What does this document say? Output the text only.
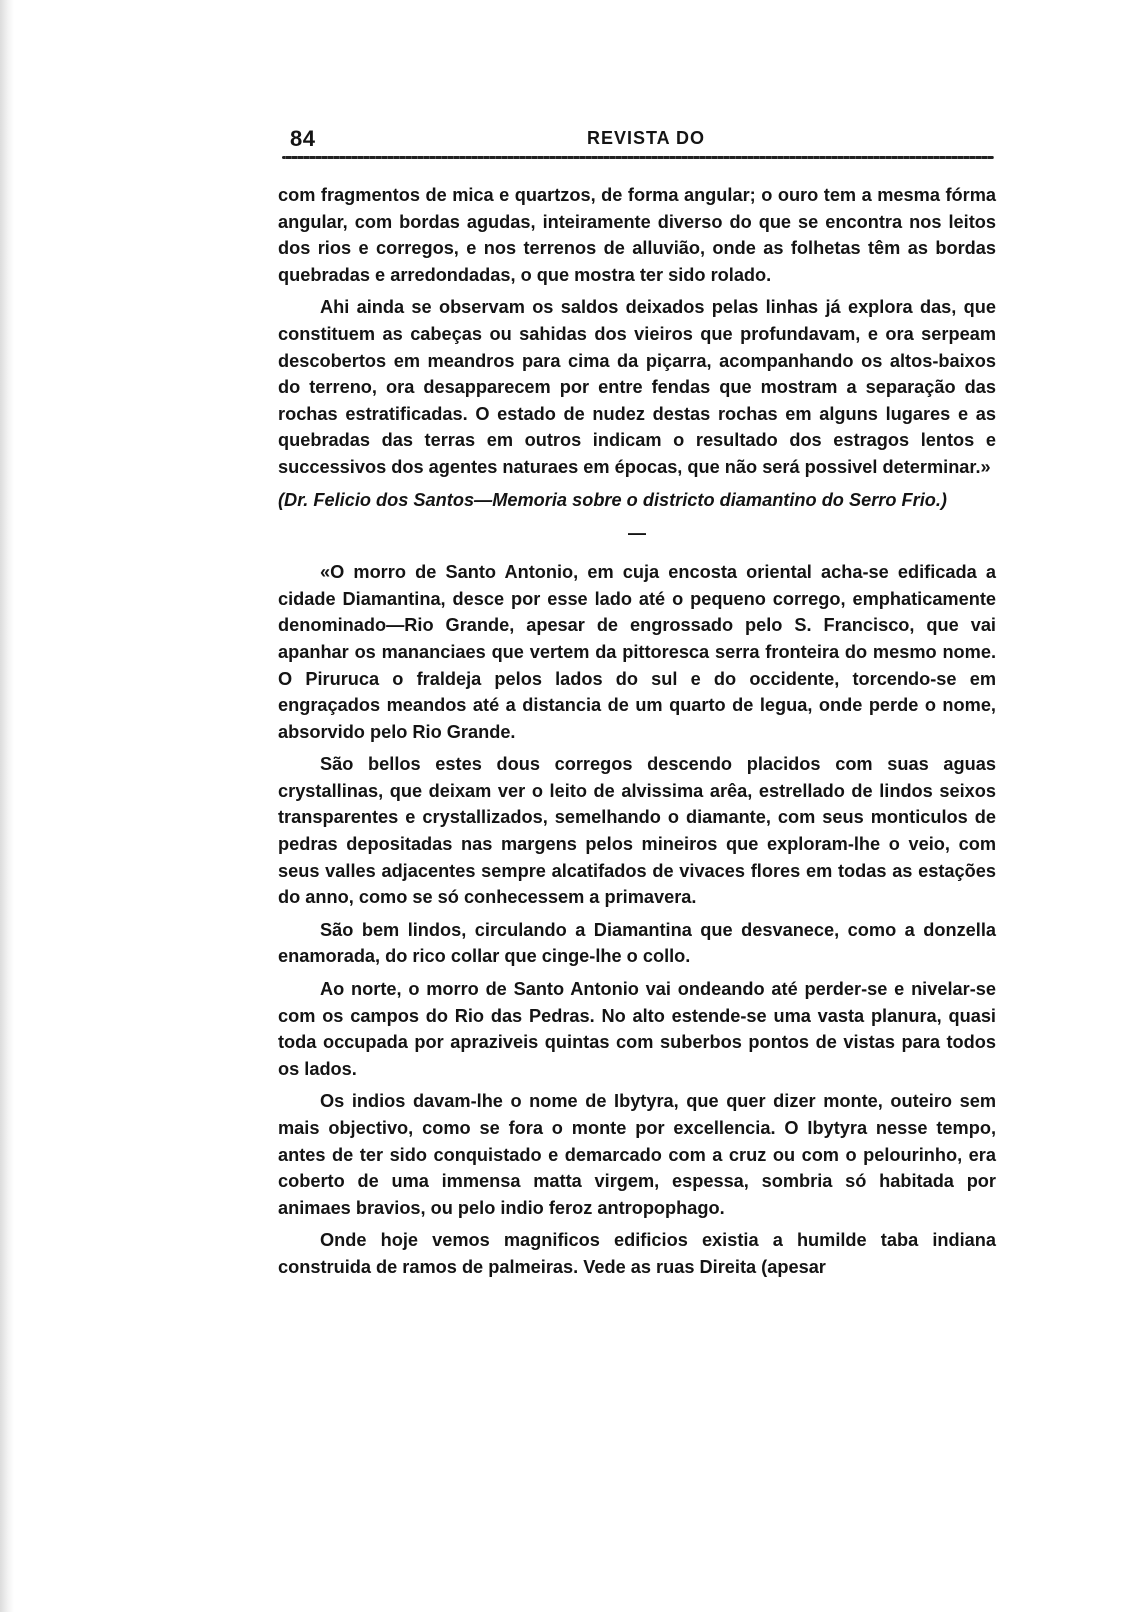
84	REVISTA DO

com fragmentos de mica e quartzos, de forma angular; o ouro tem a mesma fórma angular, com bordas agudas, inteiramente diverso do que se encontra nos leitos dos rios e corregos, e nos terrenos de alluvião, onde as folhetas têm as bordas quebradas e arredondadas, o que mostra ter sido rolado.

Ahi ainda se observam os saldos deixados pelas linhas já explora das, que constituem as cabeças ou sahidas dos vieiros que profundavam, e ora serpeam descobertos em meandros para cima da piçarra, acompanhando os altos-baixos do terreno, ora desapparecem por entre fendas que mostram a separação das rochas estratificadas. O estado de nudez destas rochas em alguns lugares e as quebradas das terras em outros indicam o resultado dos estragos lentos e successivos dos agentes naturaes em épocas, que não será possivel determinar.»

(Dr. Felicio dos Santos—Memoria sobre o districto diamantino do Serro Frio.)

—

«O morro de Santo Antonio, em cuja encosta oriental acha-se edificada a cidade Diamantina, desce por esse lado até o pequeno corrego, emphaticamente denominado—Rio Grande, apesar de engrossado pelo S. Francisco, que vai apanhar os mananciaes que vertem da pittoresca serra fronteira do mesmo nome. O Piruruca o fraldeja pelos lados do sul e do occidente, torcendo-se em engraçados meandos até a distancia de um quarto de legua, onde perde o nome, absorvido pelo Rio Grande.

São bellos estes dous corregos descendo placidos com suas aguas crystallinas, que deixam ver o leito de alvissima arêa, estrellado de lindos seixos transparentes e crystallizados, semelhando o diamante, com seus monticulos de pedras depositadas nas margens pelos mineiros que exploram-lhe o veio, com seus valles adjacentes sempre alcatifados de vivaces flores em todas as estações do anno, como se só conhecessem a primavera.

São bem lindos, circulando a Diamantina que desvanece, como a donzella enamorada, do rico collar que cinge-lhe o collo.

Ao norte, o morro de Santo Antonio vai ondeando até perder-se e nivelar-se com os campos do Rio das Pedras. No alto estende-se uma vasta planura, quasi toda occupada por apraziveis quintas com suberbos pontos de vistas para todos os lados.

Os indios davam-lhe o nome de Ibytyra, que quer dizer monte, outeiro sem mais objectivo, como se fora o monte por excellencia. O Ibytyra nesse tempo, antes de ter sido conquistado e demarcado com a cruz ou com o pelourinho, era coberto de uma immensa matta virgem, espessa, sombria só habitada por animaes bravios, ou pelo indio feroz antropophago.

Onde hoje vemos magnificos edificios existia a humilde taba indiana construida de ramos de palmeiras. Vede as ruas Direita (apesar
